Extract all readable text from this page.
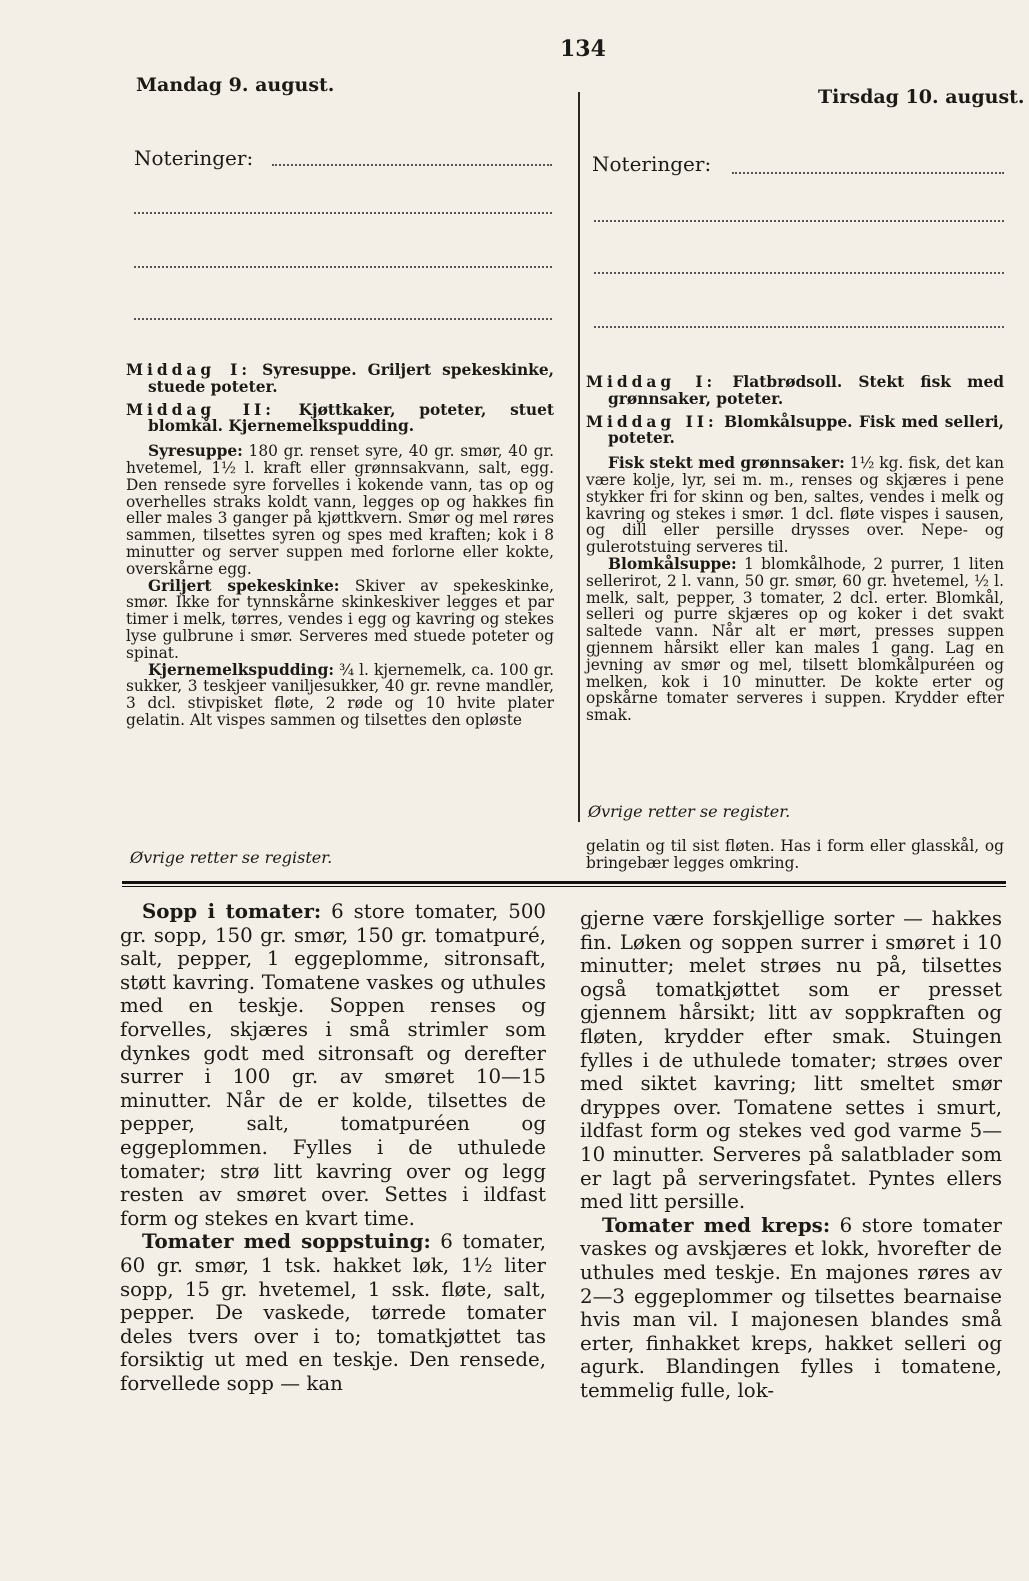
134
Mandag 9. august.
Tirsdag 10. august.
Noteringer:	Noteringer:

Middag I: Syresuppe. Griljert spekeskinke, stuede poteter.

Middag II: Kjøttkaker, poteter, stuet blomkål. Kjernemelkspudding.

Syresuppe: 180 gr. renset syre, 40 gr. smør, 40 gr. hvetemel, 1½ l. kraft eller grønnsakvann, salt, egg. Den rensede syre forvelles i kokende vann, tas op og overhelles straks koldt vann, legges op og hakkes fin eller males 3 ganger på kjøttkvern. Smør og mel røres sammen, tilsettes syren og spes med kraften; kok i 8 minutter og server suppen med forlorne eller kokte, overskårne egg.

Griljert spekeskinke: Skiver av spekeskinke, smør. Ikke for tynnskårne skinkeskiver legges et par timer i melk, tørres, vendes i egg og kavring og stekes lyse gulbrune i smør. Serveres med stuede poteter og spinat.

Kjernemelkspudding: ¾ l. kjernemelk, ca. 100 gr. sukker, 3 teskjeer vaniljesukker, 40 gr. revne mandler, 3 dcl. stivpisket fløte, 2 røde og 10 hvite plater gelatin. Alt vispes sammen og tilsettes den opløste

Øvrige retter se register.

Middag I: Flatbrødsoll. Stekt fisk med grønnsaker, poteter.

Middag II: Blomkålsuppe. Fisk med selleri, poteter.

Fisk stekt med grønnsaker: 1½ kg. fisk, det kan være kolje, lyr, sei m. m., renses og skjæres i pene stykker fri for skinn og ben, saltes, vendes i melk og kavring og stekes i smør. 1 dcl. fløte vispes i sausen, og dill eller persille drysses over. Nepe- og gulerotstuing serveres til.

Blomkålsuppe: 1 blomkålhode, 2 purrer, 1 liten sellerirot, 2 l. vann, 50 gr. smør, 60 gr. hvetemel, ½ l. melk, salt, pepper, 3 tomater, 2 dcl. erter. Blomkål, selleri og purre skjæres op og koker i det svakt saltede vann. Når alt er mørt, presses suppen gjennem hårsikt eller kan males 1 gang. Lag en jevning av smør og mel, tilsett blomkålpuréen og melken, kok i 10 minutter. De kokte erter og opskårne tomater serveres i suppen. Krydder efter smak.

Øvrige retter se register.
gelatin og til sist fløten. Has i form eller glasskål, og bringebær legges omkring.

Sopp i tomater: 6 store tomater, 500 gr. sopp, 150 gr. smør, 150 gr. tomatpuré, salt, pepper, 1 eggeplomme, sitronsaft, støtt kavring. Tomatene vaskes og uthules med en teskje. Soppen renses og forvelles, skjæres i små strimler som dynkes godt med sitronsaft og derefter surrer i 100 gr. av smøret 10—15 minutter. Når de er kolde, tilsettes de pepper, salt, tomatpuréen og eggeplommen. Fylles i de uthulede tomater; strø litt kavring over og legg resten av smøret over. Settes i ildfast form og stekes en kvart time.

Tomater med soppstuing: 6 tomater, 60 gr. smør, 1 tsk. hakket løk, 1½ liter sopp, 15 gr. hvetemel, 1 ssk. fløte, salt, pepper. De vaskede, tørrede tomater deles tvers over i to; tomatkjøttet tas forsiktig ut med en teskje. Den rensede, forvellede sopp — kan

gjerne være forskjellige sorter — hakkes fin. Løken og soppen surrer i smøret i 10 minutter; melet strøes nu på, tilsettes også tomatkjøttet som er presset gjennem hårsikt; litt av soppkraften og fløten, krydder efter smak. Stuingen fylles i de uthulede tomater; strøes over med siktet kavring; litt smeltet smør dryppes over. Tomatene settes i smurt, ildfast form og stekes ved god varme 5—10 minutter. Serveres på salatblader som er lagt på serveringsfatet. Pyntes ellers med litt persille.

Tomater med kreps: 6 store tomater vaskes og avskjæres et lokk, hvorefter de uthules med teskje. En majones røres av 2—3 eggeplommer og tilsettes bearnaise hvis man vil. I majonesen blandes små erter, finhakket kreps, hakket selleri og agurk. Blandingen fylles i tomatene, temmelig fulle, lok-
